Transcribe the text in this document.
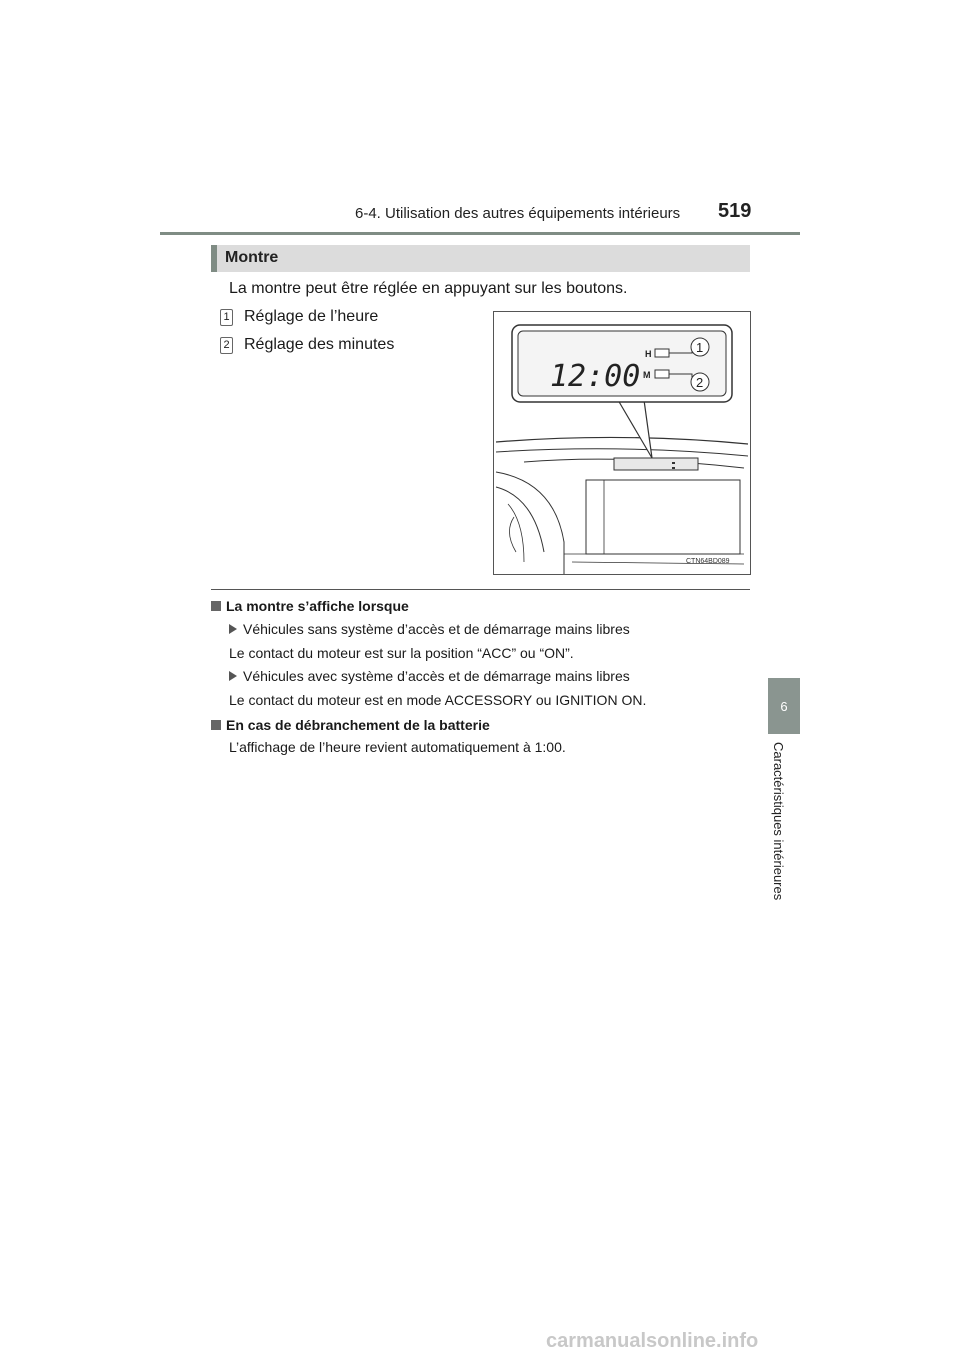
6-4. Utilisation des autres équipements intérieurs 519
6
Caractéristiques intérieures
Montre
La montre peut être réglée en appuyant sur les boutons.
1 Réglage de l’heure
2 Réglage des minutes
12:00
H
M
1
2
CTN64BD089
La montre s’affiche lorsque
Véhicules sans système d’accès et de démarrage mains libres
Le contact du moteur est sur la position “ACC” ou “ON”.
Véhicules avec système d’accès et de démarrage mains libres
Le contact du moteur est en mode ACCESSORY ou IGNITION ON.
En cas de débranchement de la batterie
L’affichage de l’heure revient automatiquement à 1:00.
carmanualsonline.info
